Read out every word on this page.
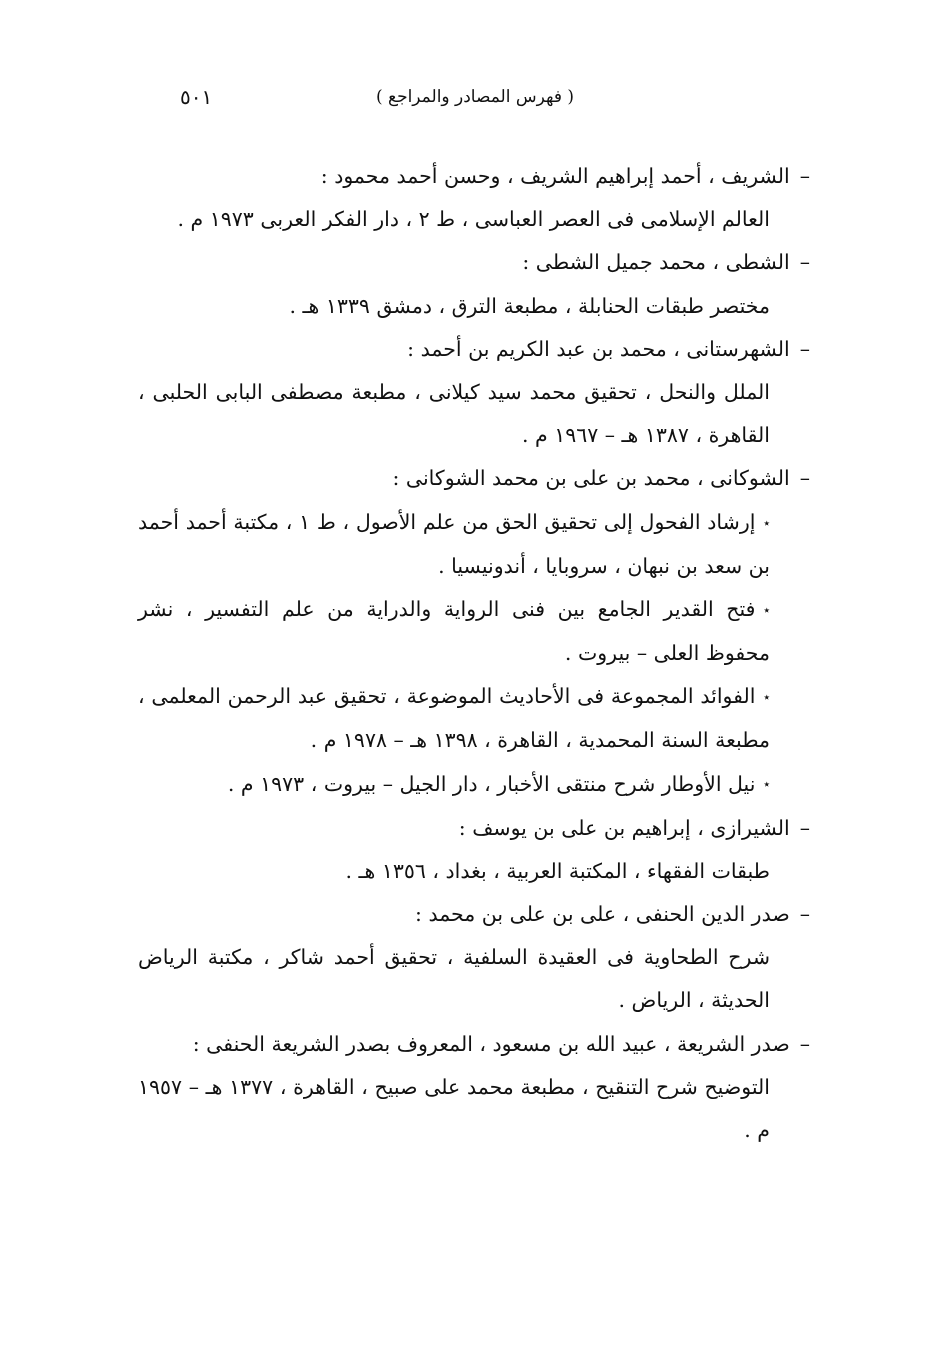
( فهرس المصادر والمراجع )
٥٠١

–الشريف ، أحمد إبراهيم الشريف ، وحسن أحمد محمود :

العالم الإسلامى فى العصر العباسى ، ط ٢ ، دار الفكر العربى ١٩٧٣ م .

–الشطى ، محمد جميل الشطى :

مختصر طبقات الحنابلة ، مطبعة الترق ، دمشق ١٣٣٩ هـ .

–الشهرستانى ، محمد بن عبد الكريم بن أحمد :

الملل والنحل ، تحقيق محمد سيد كيلانى ، مطبعة مصطفى البابى الحلبى ، القاهرة ، ١٣٨٧ هـ – ١٩٦٧ م .

–الشوكانى ، محمد بن على بن محمد الشوكانى :

٭إرشاد الفحول إلى تحقيق الحق من علم الأصول ، ط ١ ، مكتبة أحمد أحمد بن سعد بن نبهان ، سروبايا ، أندونيسيا .

٭فتح القدير الجامع بين فنى الرواية والدراية من علم التفسير ، نشر محفوظ العلى – بيروت .

٭الفوائد المجموعة فى الأحاديث الموضوعة ، تحقيق عبد الرحمن المعلمى ، مطبعة السنة المحمدية ، القاهرة ، ١٣٩٨ هـ – ١٩٧٨ م .

٭نيل الأوطار شرح منتقى الأخبار ، دار الجيل – بيروت ، ١٩٧٣ م .

–الشيرازى ، إبراهيم بن على بن يوسف :

طبقات الفقهاء ، المكتبة العربية ، بغداد ، ١٣٥٦ هـ .

–صدر الدين الحنفى ، على بن على بن محمد :

شرح الطحاوية فى العقيدة السلفية ، تحقيق أحمد شاكر ، مكتبة الرياض الحديثة ، الرياض .

–صدر الشريعة ، عبيد الله بن مسعود ، المعروف بصدر الشريعة الحنفى :

التوضيح شرح التنقيح ، مطبعة محمد على صبيح ، القاهرة ، ١٣٧٧ هـ – ١٩٥٧ م .
